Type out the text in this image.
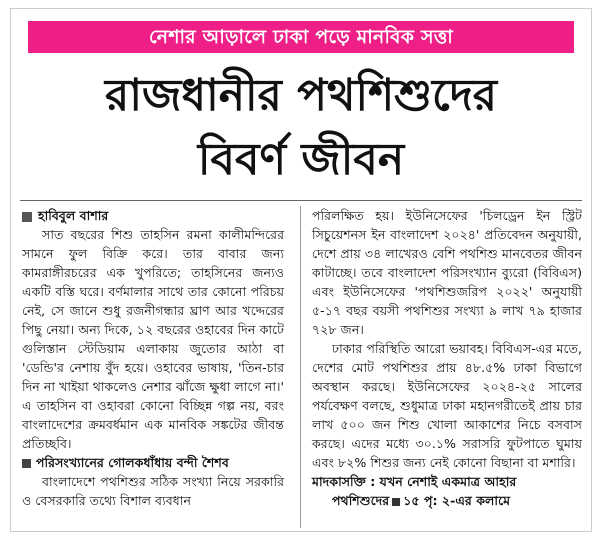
নেশার আড়ালে ঢাকা পড়ে মানবিক সত্তা
রাজধানীর পথশিশুদের
বিবর্ণ জীবন

হাবিবুল বাশার

সাত বছরের শিশু তাহসিন রমনা কালীমন্দিরের সামনে ফুল বিক্রি করে। তার বাবার জন্য কামরাঙ্গীরচরের এক খুপরিতে; তাহসিনের জন্যও একটি বস্তি ঘরে। বর্ণমালার সাথে তার কোনো পরিচয় নেই, সে জানে শুধু রজনীগন্ধার ঘ্রাণ আর খদ্দেরের পিছু নেয়া। অন্য দিকে, ১২ বছরের ওহাবের দিন কাটে গুলিস্তান স্টেডিয়াম এলাকায় জুতোর আঠা বা 'ডেন্ডি'র নেশায় বুঁদ হয়ে। ওহাবের ভাষায়, 'তিন-চার দিন না খাইয়া থাকলেও নেশার ঝাঁজে ক্ষুধা লাগে না।' এ তাহসিন বা ওহাবরা কোনো বিচ্ছিন্ন গল্প নয়, বরং বাংলাদেশের ক্রমবর্ধমান এক মানবিক সঙ্কটের জীবন্ত প্রতিচ্ছবি।

পরিসংখ্যানের গোলকধাঁধায় বন্দী শৈশব

বাংলাদেশে পথশিশুর সঠিক সংখ্যা নিয়ে সরকারি ও বেসরকারি তথ্যে বিশাল ব্যবধান

পরিলক্ষিত হয়। ইউনিসেফের 'চিলড্রেন ইন স্ট্রিট সিচুয়েশনস ইন বাংলাদেশ ২০২৪' প্রতিবেদন অনুযায়ী, দেশে প্রায় ৩৪ লাখেরও বেশি পথশিশু মানবেতর জীবন কাটাচ্ছে। তবে বাংলাদেশ পরিসংখ্যান ব্যুরো (বিবিএস) এবং ইউনিসেফের 'পথশিশুজরিপ ২০২২' অনুযায়ী ৫-১৭ বছর বয়সী পথশিশুর সংখ্যা ৯ লাখ ৭৯ হাজার ৭২৮ জন।

ঢাকার পরিস্থিতি আরো ভয়াবহ। বিবিএস-এর মতে, দেশের মোট পথশিশুর প্রায় ৪৮.৫% ঢাকা বিভাগে অবস্থান করছে। ইউনিসেফের ২০২৪-২৫ সালের পর্যবেক্ষণ বলছে, শুধুমাত্র ঢাকা মহানগরীতেই প্রায় চার লাখ ৫০০ জন শিশু খোলা আকাশের নিচে বসবাস করছে। এদের মধ্যে ৩০.১% সরাসরি ফুটপাতে ঘুমায় এবং ৮২% শিশুর জন্য নেই কোনো বিছানা বা মশারি।

মাদকাসক্তি : যখন নেশাই একমাত্র আহার

পথশিশুদের ১৫ পৃ: ২-এর কলামে
